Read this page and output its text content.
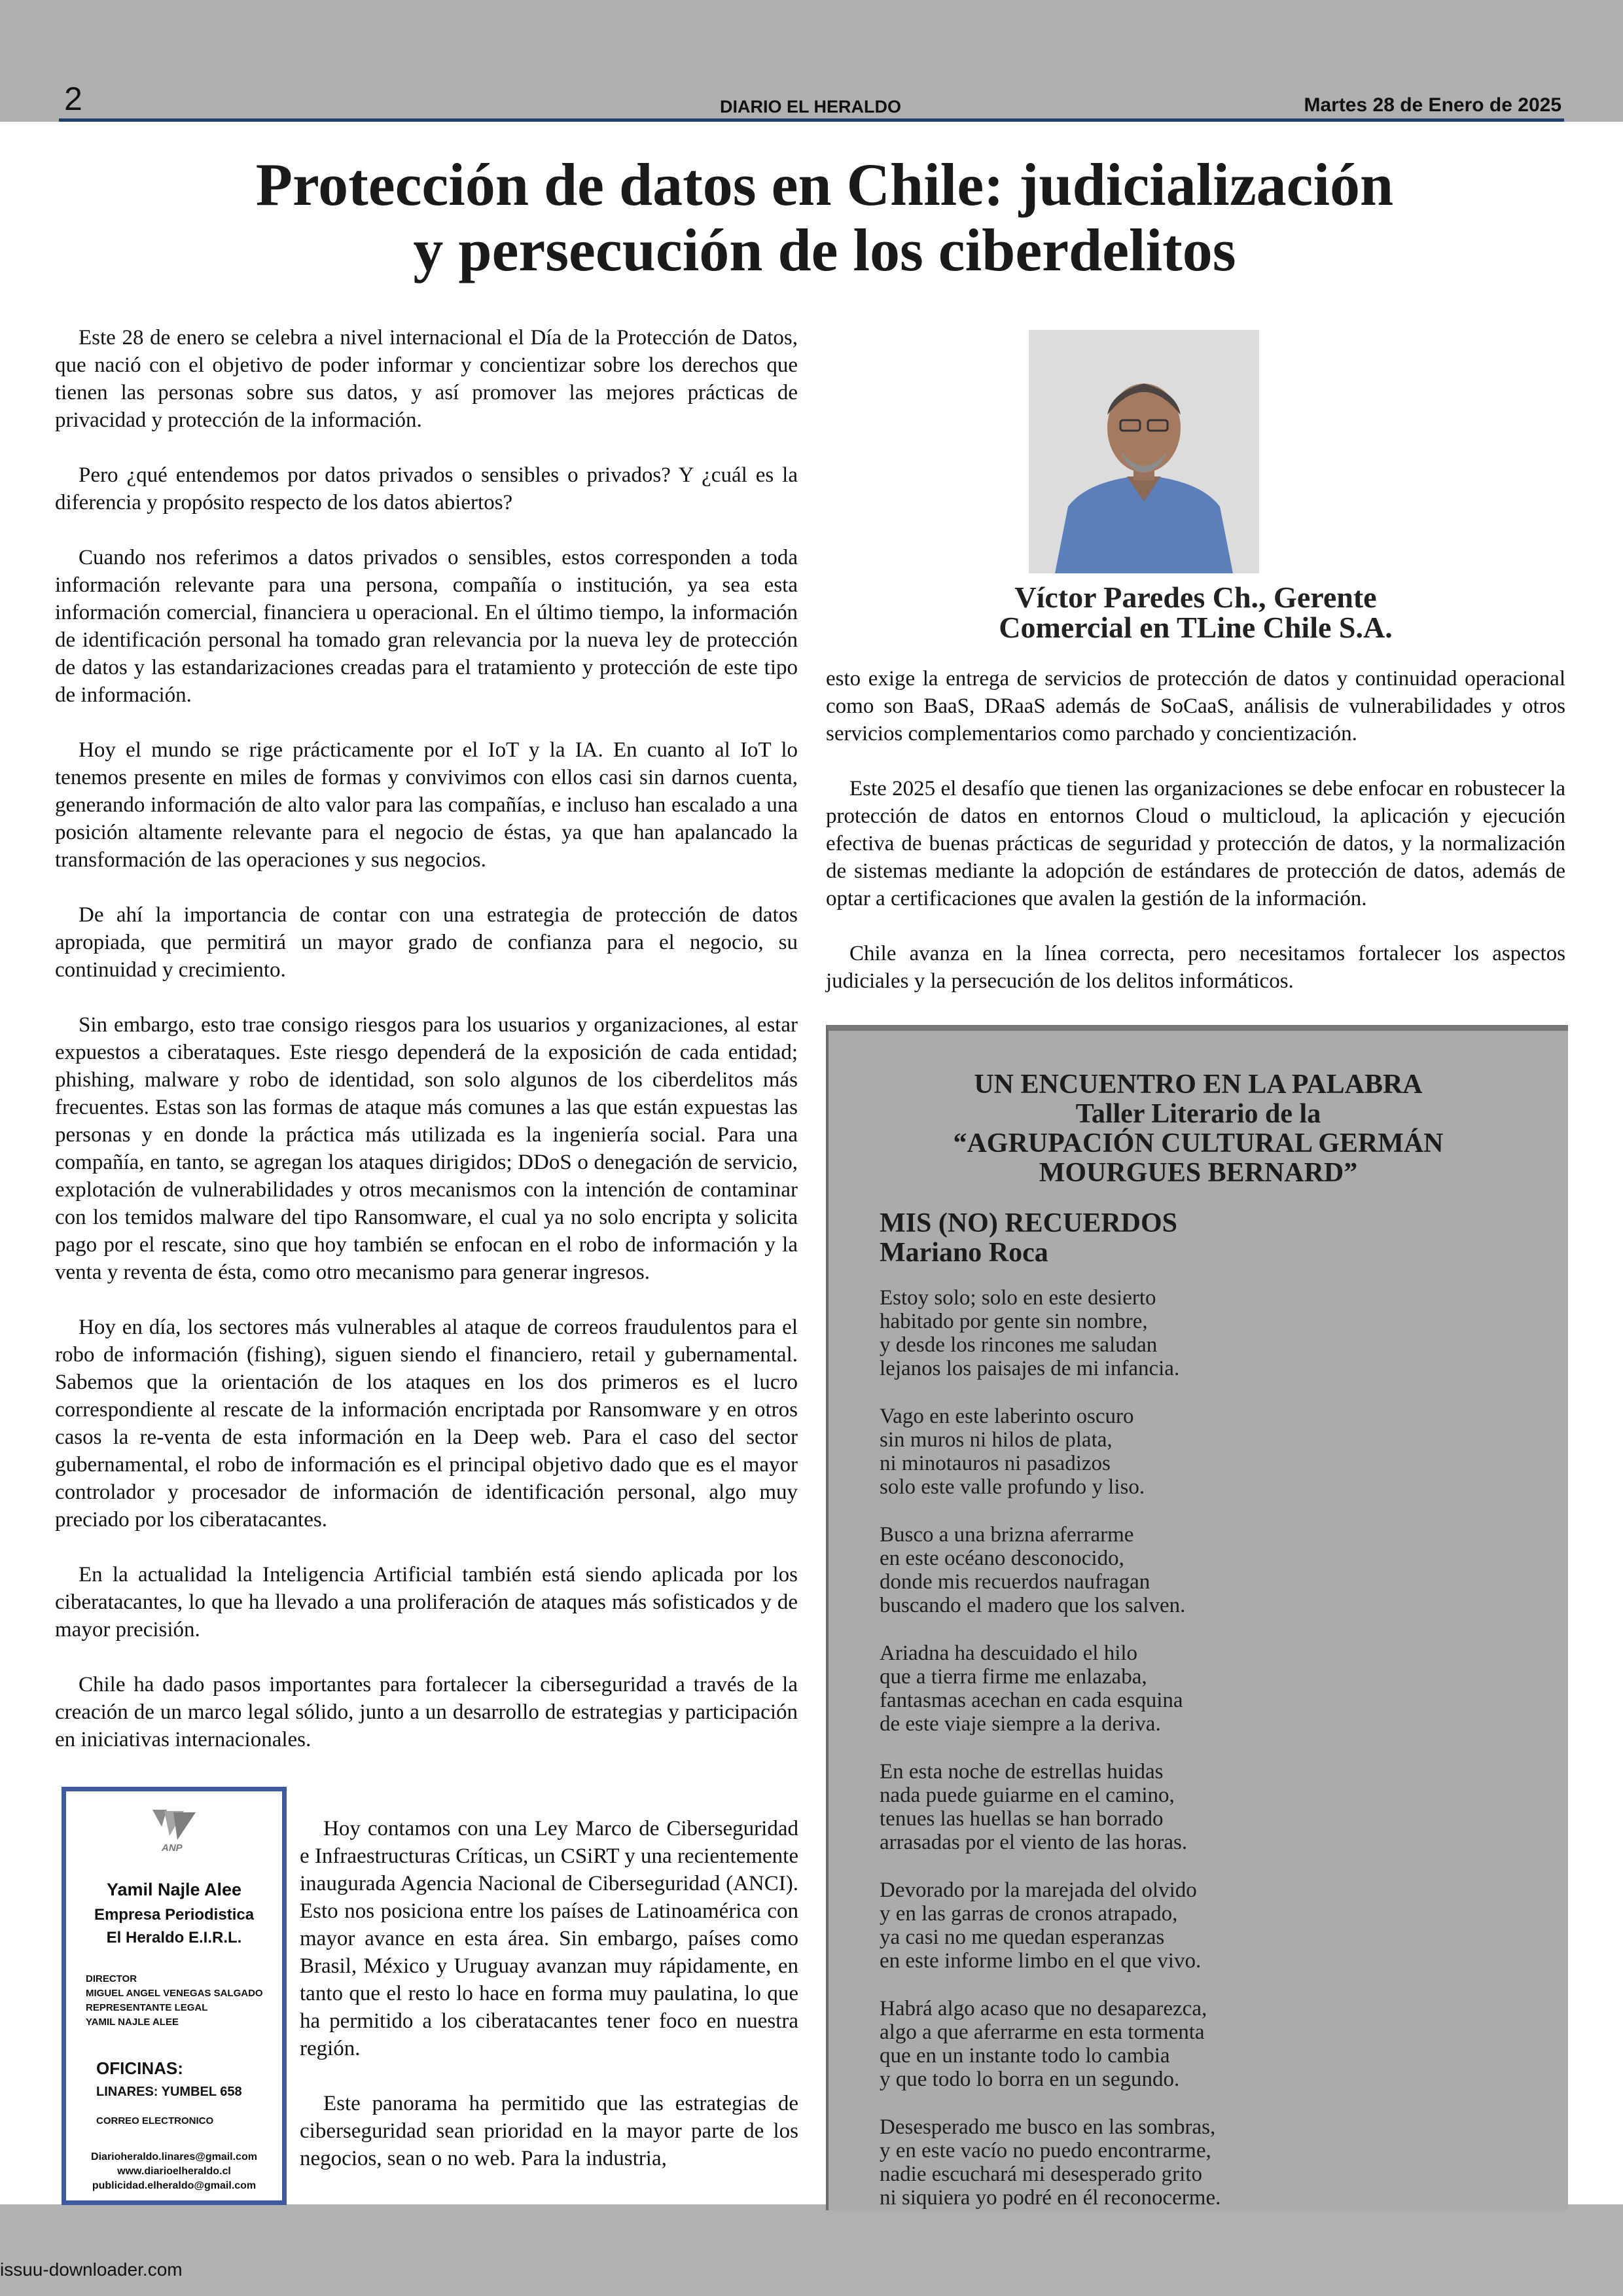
2	DIARIO EL HERALDO	Martes 28 de Enero de 2025
Protección de datos en Chile: judicialización
y persecución de los ciberdelitos

Este 28 de enero se celebra a nivel internacional el Día de la Protección de Datos, que nació con el objetivo de poder informar y concientizar sobre los derechos que tienen las personas sobre sus datos, y así promover las mejores prácticas de privacidad y protección de la información.

Pero ¿qué entendemos por datos privados o sensibles o privados? Y ¿cuál es la diferencia y propósito respecto de los datos abiertos?

Cuando nos referimos a datos privados o sensibles, estos corresponden a toda información relevante para una persona, compañía o institución, ya sea esta información comercial, financiera u operacional. En el último tiempo, la información de identificación personal ha tomado gran relevancia por la nueva ley de protección de datos y las estandarizaciones creadas para el tratamiento y protección de este tipo de información.

Hoy el mundo se rige prácticamente por el IoT y la IA. En cuanto al IoT lo tenemos presente en miles de formas y convivimos con ellos casi sin darnos cuenta, generando información de alto valor para las compañías, e incluso han escalado a una posición altamente relevante para el negocio de éstas, ya que han apalancado la transformación de las operaciones y sus negocios.

De ahí la importancia de contar con una estrategia de protección de datos apropiada, que permitirá un mayor grado de confianza para el negocio, su continuidad y crecimiento.

Sin embargo, esto trae consigo riesgos para los usuarios y organizaciones, al estar expuestos a ciberataques. Este riesgo dependerá de la exposición de cada entidad; phishing, malware y robo de identidad, son solo algunos de los ciberdelitos más frecuentes. Estas son las formas de ataque más comunes a las que están expuestas las personas y en donde la práctica más utilizada es la ingeniería social. Para una compañía, en tanto, se agregan los ataques dirigidos; DDoS o denegación de servicio, explotación de vulnerabilidades y otros mecanismos con la intención de contaminar con los temidos malware del tipo Ransomware, el cual ya no solo encripta y solicita pago por el rescate, sino que hoy también se enfocan en el robo de información y la venta y reventa de ésta, como otro mecanismo para generar ingresos.

Hoy en día, los sectores más vulnerables al ataque de correos fraudulentos para el robo de información (fishing), siguen siendo el financiero, retail y gubernamental. Sabemos que la orientación de los ataques en los dos primeros es el lucro correspondiente al rescate de la información encriptada por Ransomware y en otros casos la re-venta de esta información en la Deep web. Para el caso del sector gubernamental, el robo de información es el principal objetivo dado que es el mayor controlador y procesador de información de identificación personal, algo muy preciado por los ciberatacantes.

En la actualidad la Inteligencia Artificial también está siendo aplicada por los ciberatacantes, lo que ha llevado a una proliferación de ataques más sofisticados y de mayor precisión.

Chile ha dado pasos importantes para fortalecer la ciberseguridad a través de la creación de un marco legal sólido, junto a un desarrollo de estrategias y participación en iniciativas internacionales.

Hoy contamos con una Ley Marco de Ciberseguridad e Infraestructuras Críticas, un CSiRT y una recientemente inaugurada Agencia Nacional de Ciberseguridad (ANCI). Esto nos posiciona entre los países de Latinoamérica con mayor avance en esta área. Sin embargo, países como Brasil, México y Uruguay avanzan muy rápidamente, en tanto que el resto lo hace en forma muy paulatina, lo que ha permitido a los ciberatacantes tener foco en nuestra región.

Este panorama ha permitido que las estrategias de ciberseguridad sean prioridad en la mayor parte de los negocios, sean o no web. Para la industria,

Víctor Paredes Ch., Gerente
Comercial en TLine Chile S.A.

esto exige la entrega de servicios de protección de datos y continuidad operacional como son BaaS, DRaaS además de SoCaaS, análisis de vulnerabilidades y otros servicios complementarios como parchado y concientización.

Este 2025 el desafío que tienen las organizaciones se debe enfocar en robustecer la protección de datos en entornos Cloud o multicloud, la aplicación y ejecución efectiva de buenas prácticas de seguridad y protección de datos, y la normalización de sistemas mediante la adopción de estándares de protección de datos, además de optar a certificaciones que avalen la gestión de la información.

Chile avanza en la línea correcta, pero necesitamos fortalecer los aspectos judiciales y la persecución de los delitos informáticos.

UN ENCUENTRO EN LA PALABRA
Taller Literario de la
“AGRUPACIÓN CULTURAL GERMÁN
MOURGUES BERNARD”
MIS (NO) RECUERDOS
Mariano Roca
Estoy solo; solo en este desierto
habitado por gente sin nombre,
y desde los rincones me saludan
lejanos los paisajes de mi infancia.
Vago en este laberinto oscuro
sin muros ni hilos de plata,
ni minotauros ni pasadizos
solo este valle profundo y liso.
Busco a una brizna aferrarme
en este océano desconocido,
donde mis recuerdos naufragan
buscando el madero que los salven.
Ariadna ha descuidado el hilo
que a tierra firme me enlazaba,
fantasmas acechan en cada esquina
de este viaje siempre a la deriva.
En esta noche de estrellas huidas
nada puede guiarme en el camino,
tenues las huellas se han borrado
arrasadas por el viento de las horas.
Devorado por la marejada del olvido
y en las garras de cronos atrapado,
ya casi no me quedan esperanzas
en este informe limbo en el que vivo.
Habrá algo acaso que no desaparezca,
algo a que aferrarme en esta tormenta
que en un instante todo lo cambia
y que todo lo borra en un segundo.
Desesperado me busco en las sombras,
y en este vacío no puedo encontrarme,
nadie escuchará mi desesperado grito
ni siquiera yo podré en él reconocerme.
ANP
Yamil Najle Alee
Empresa Periodistica
El Heraldo E.I.R.L.
DIRECTOR
MIGUEL ANGEL VENEGAS SALGADO
REPRESENTANTE LEGAL
YAMIL NAJLE ALEE
OFICINAS:
LINARES: YUMBEL 658
CORREO ELECTRONICO
Diarioheraldo.linares@gmail.com
www.diarioelheraldo.cl
publicidad.elheraldo@gmail.com
issuu-downloader.com
